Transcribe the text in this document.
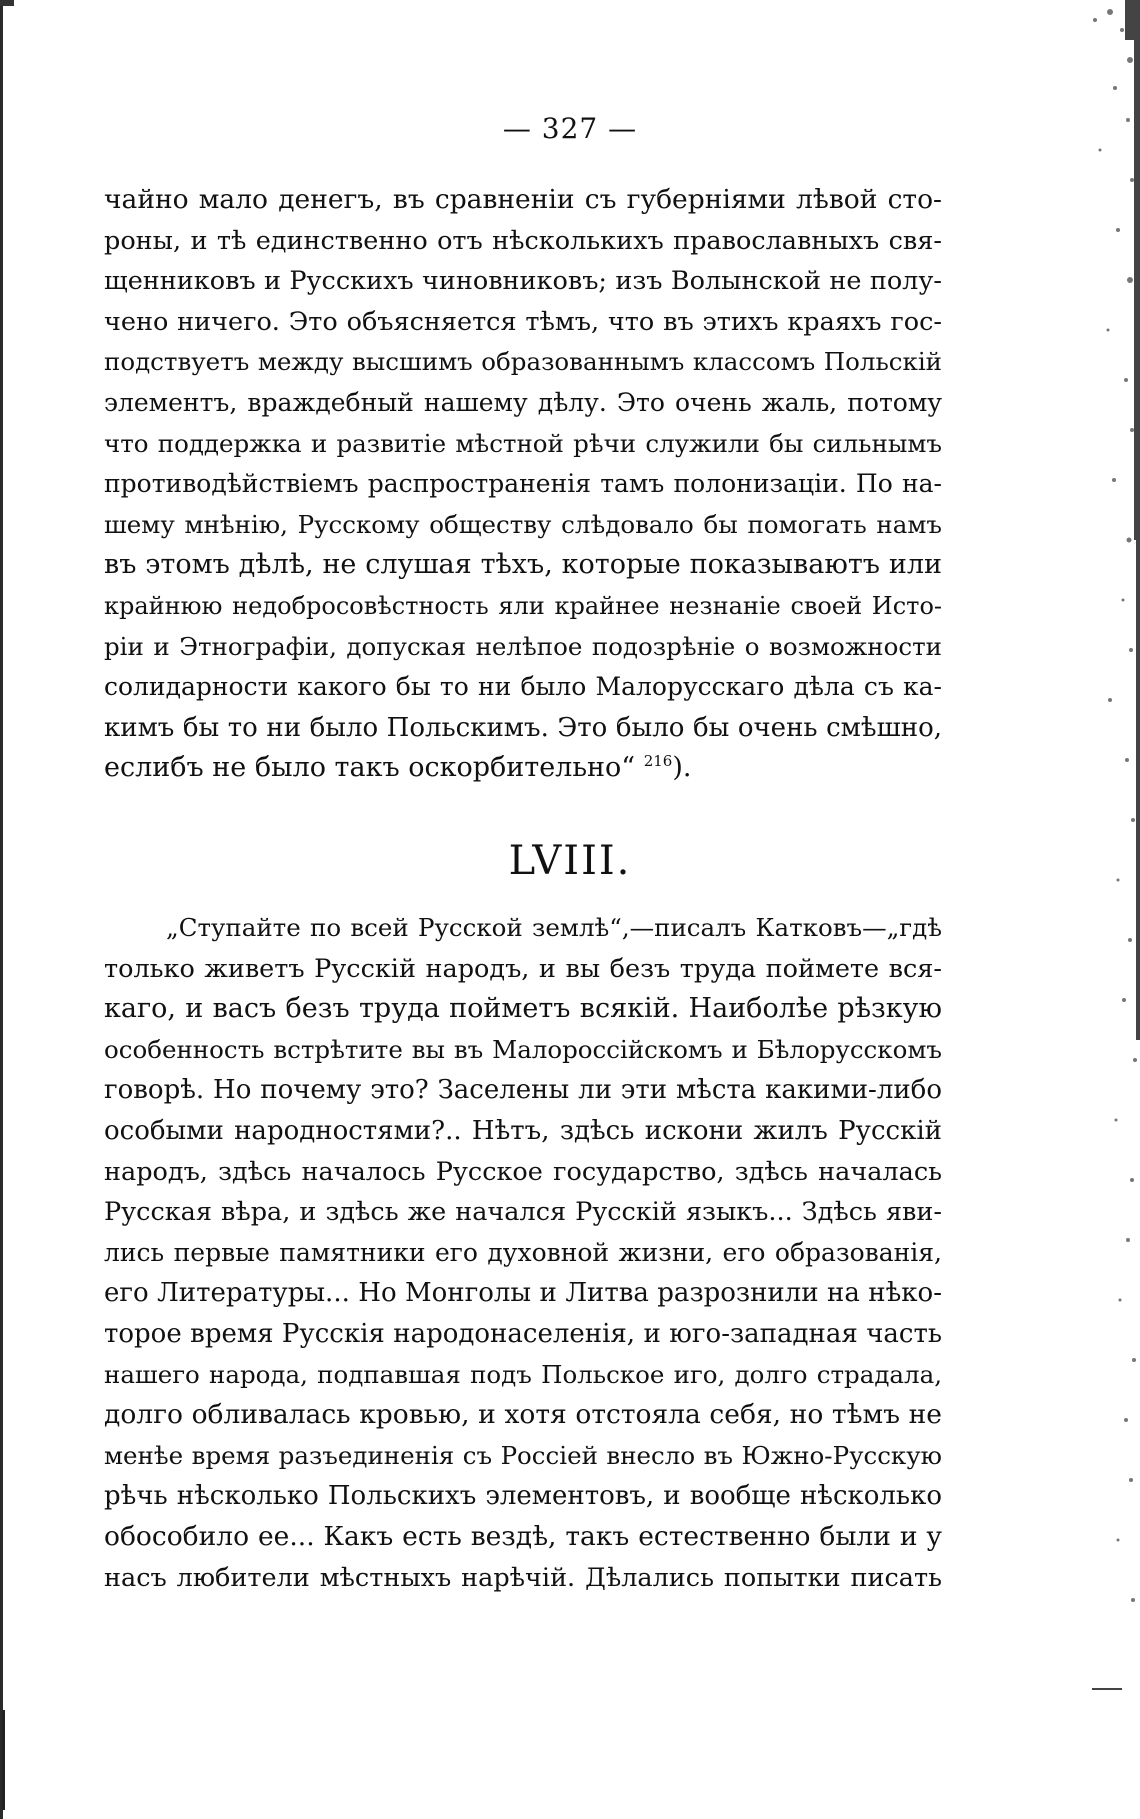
— 327 —
чайно мало денегъ, въ сравненіи съ губерніями лѣвой сто-
роны, и тѣ единственно отъ нѣсколькихъ православныхъ свя-
щенниковъ и Русскихъ чиновниковъ; изъ Волынской не полу-
чено ничего. Это объясняется тѣмъ, что въ этихъ краяхъ гос-
подствуетъ между высшимъ образованнымъ классомъ Польскій
элементъ, враждебный нашему дѣлу. Это очень жаль, потому
что поддержка и развитіе мѣстной рѣчи служили бы сильнымъ
противодѣйствіемъ распространенія тамъ полонизаціи. По на-
шему мнѣнію, Русскому обществу слѣдовало бы помогать намъ
въ этомъ дѣлѣ, не слушая тѣхъ, которые показываютъ или
крайнюю недобросовѣстность яли крайнее незнаніе своей Исто-
ріи и Этнографіи, допуская нелѣпое подозрѣніе о возможности
солидарности какого бы то ни было Малорусскаго дѣла съ ка-
кимъ бы то ни было Польскимъ. Это было бы очень смѣшно,
еслибъ не было такъ оскорбительно“ $^{216}$).
LVIII.
„Ступайте по всей Русской землѣ“,—писалъ Катковъ—„гдѣ
только живетъ Русскій народъ, и вы безъ труда поймете вся-
каго, и васъ безъ труда пойметъ всякій. Наиболѣе рѣзкую
особенность встрѣтите вы въ Малороссійскомъ и Бѣлорусскомъ
говорѣ. Но почему это? Заселены ли эти мѣста какими-либо
особыми народностями?.. Нѣтъ, здѣсь искони жилъ Русскій
народъ, здѣсь началось Русское государство, здѣсь началась
Русская вѣра, и здѣсь же начался Русскій языкъ... Здѣсь яви-
лись первые памятники его духовной жизни, его образованія,
его Литературы... Но Монголы и Литва разрознили на нѣко-
торое время Русскія народонаселенія, и юго-западная часть
нашего народа, подпавшая подъ Польское иго, долго страдала,
долго обливалась кровью, и хотя отстояла себя, но тѣмъ не
менѣе время разъединенія съ Россіей внесло въ Южно-Русскую
рѣчь нѣсколько Польскихъ элементовъ, и вообще нѣсколько
обособило ее... Какъ есть вездѣ, такъ естественно были и у
насъ любители мѣстныхъ нарѣчій. Дѣлались попытки писать
